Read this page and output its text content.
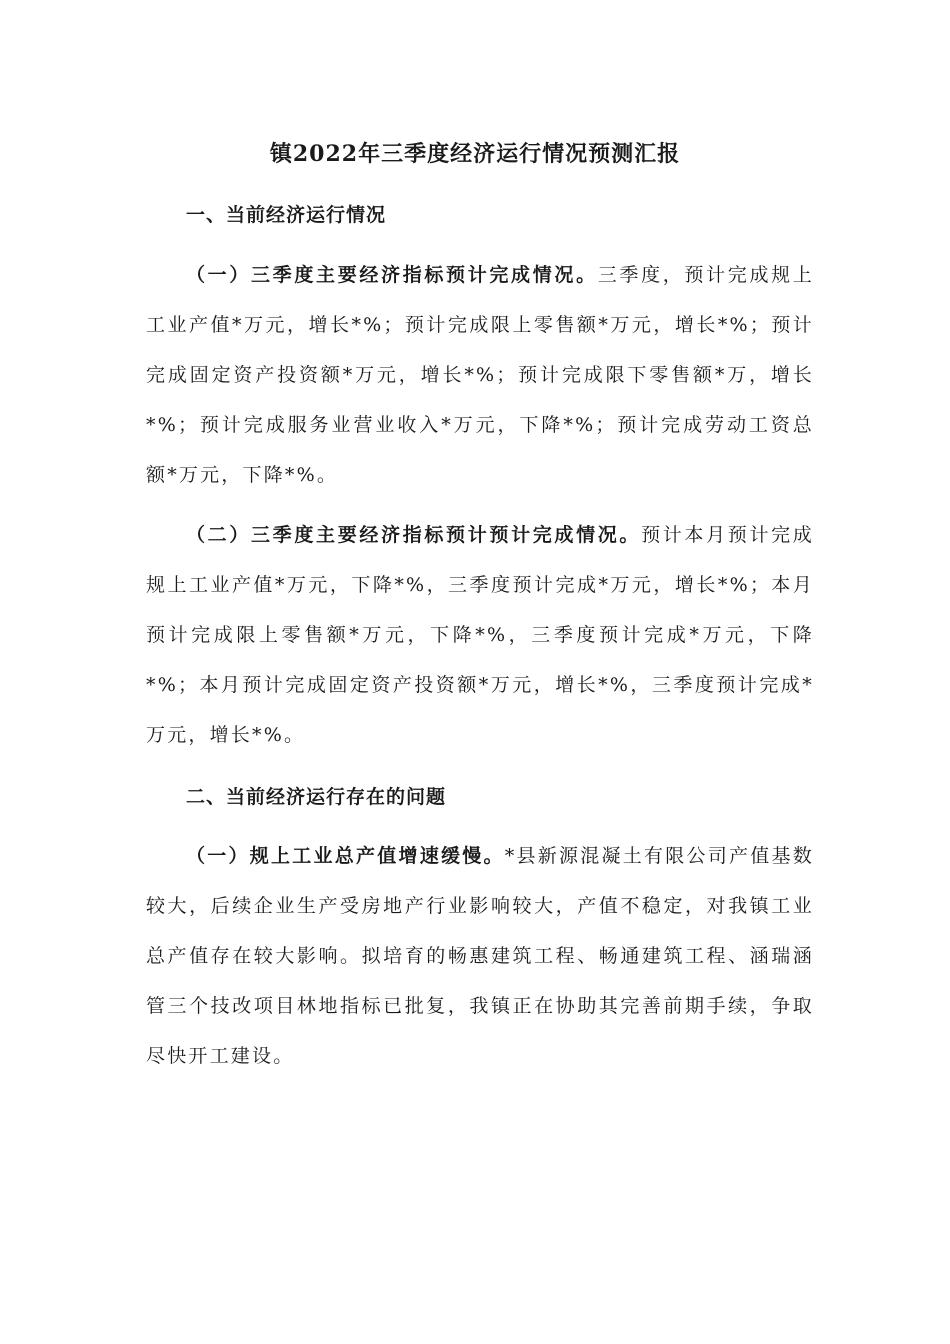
镇2022年三季度经济运行情况预测汇报
一、当前经济运行情况

（一）三季度主要经济指标预计完成情况。三季度，预计完成规上工业产值*万元，增长*%；预计完成限上零售额*万元，增长*%；预计完成固定资产投资额*万元，增长*%；预计完成限下零售额*万，增长*%；预计完成服务业营业收入*万元，下降*%；预计完成劳动工资总额*万元，下降*%。

（二）三季度主要经济指标预计预计完成情况。预计本月预计完成规上工业产值*万元，下降*%，三季度预计完成*万元，增长*%；本月预计完成限上零售额*万元，下降*%，三季度预计完成*万元，下降*%；本月预计完成固定资产投资额*万元，增长*%，三季度预计完成*万元，增长*%。

二、当前经济运行存在的问题

（一）规上工业总产值增速缓慢。*县新源混凝土有限公司产值基数较大，后续企业生产受房地产行业影响较大，产值不稳定，对我镇工业总产值存在较大影响。拟培育的畅惠建筑工程、畅通建筑工程、涵瑞涵管三个技改项目林地指标已批复，我镇正在协助其完善前期手续，争取尽快开工建设。
